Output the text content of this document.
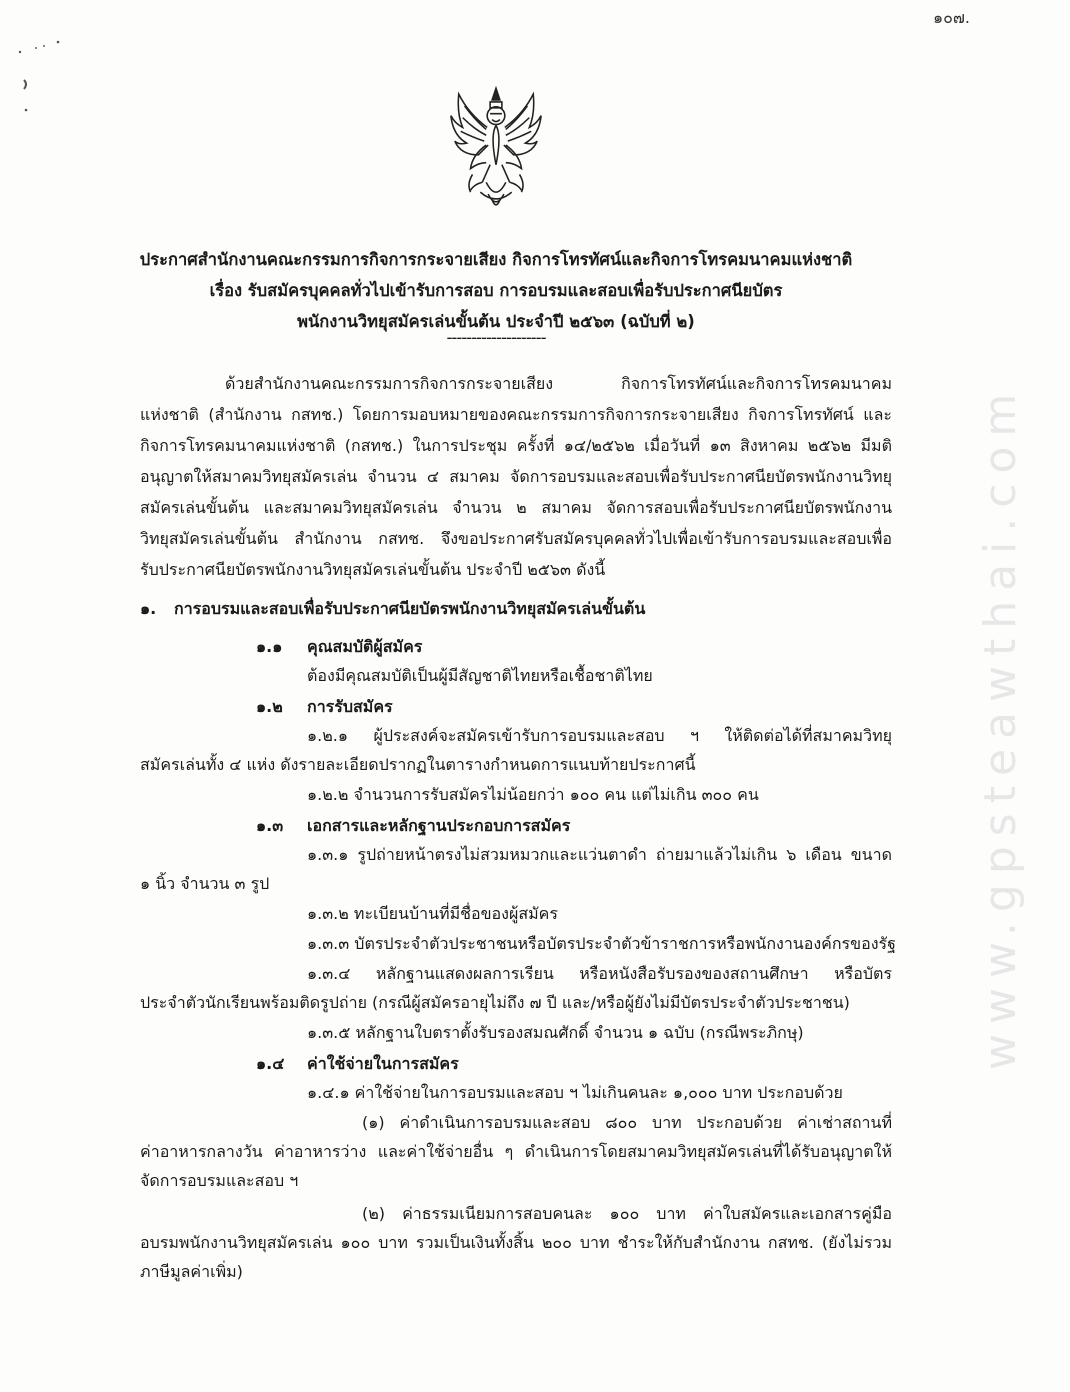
๑๐๗.
www.gpsteawthai.com
ประกาศสำนักงานคณะกรรมการกิจการกระจายเสียง กิจการโทรทัศน์และกิจการโทรคมนาคมแห่งชาติ
เรื่อง รับสมัครบุคคลทั่วไปเข้ารับการสอบ การอบรมและสอบเพื่อรับประกาศนียบัตร
พนักงานวิทยุสมัครเล่นขั้นต้น ประจำปี ๒๕๖๓ (ฉบับที่ ๒)
--------------------
ด้วยสำนักงานคณะกรรมการกิจการกระจายเสียง กิจการโทรทัศน์และกิจการโทรคมนาคม
แห่งชาติ (สำนักงาน กสทช.) โดยการมอบหมายของคณะกรรมการกิจการกระจายเสียง กิจการโทรทัศน์ และ
กิจการโทรคมนาคมแห่งชาติ (กสทช.) ในการประชุม ครั้งที่ ๑๔/๒๕๖๒ เมื่อวันที่ ๑๓ สิงหาคม ๒๕๖๒ มีมติ
อนุญาตให้สมาคมวิทยุสมัครเล่น จำนวน ๔ สมาคม จัดการอบรมและสอบเพื่อรับประกาศนียบัตรพนักงานวิทยุ
สมัครเล่นขั้นต้น และสมาคมวิทยุสมัครเล่น จำนวน ๒ สมาคม จัดการสอบเพื่อรับประกาศนียบัตรพนักงาน
วิทยุสมัครเล่นขั้นต้น สำนักงาน กสทช. จึงขอประกาศรับสมัครบุคคลทั่วไปเพื่อเข้ารับการอบรมและสอบเพื่อ
รับประกาศนียบัตรพนักงานวิทยุสมัครเล่นขั้นต้น ประจำปี ๒๕๖๓ ดังนี้
๑.	การอบรมและสอบเพื่อรับประกาศนียบัตรพนักงานวิทยุสมัครเล่นขั้นต้น
๑.๑	คุณสมบัติผู้สมัคร
ต้องมีคุณสมบัติเป็นผู้มีสัญชาติไทยหรือเชื้อชาติไทย
๑.๒	การรับสมัคร
๑.๒.๑ ผู้ประสงค์จะสมัครเข้ารับการอบรมและสอบ ฯ ให้ติดต่อได้ที่สมาคมวิทยุ
สมัครเล่นทั้ง ๔ แห่ง ดังรายละเอียดปรากฏในตารางกำหนดการแนบท้ายประกาศนี้
๑.๒.๒ จำนวนการรับสมัครไม่น้อยกว่า ๑๐๐ คน แต่ไม่เกิน ๓๐๐ คน
๑.๓	เอกสารและหลักฐานประกอบการสมัคร
๑.๓.๑ รูปถ่ายหน้าตรงไม่สวมหมวกและแว่นตาดำ ถ่ายมาแล้วไม่เกิน ๖ เดือน ขนาด
๑ นิ้ว จำนวน ๓ รูป
๑.๓.๒ ทะเบียนบ้านที่มีชื่อของผู้สมัคร
๑.๓.๓ บัตรประจำตัวประชาชนหรือบัตรประจำตัวข้าราชการหรือพนักงานองค์กรของรัฐ
๑.๓.๔ หลักฐานแสดงผลการเรียน หรือหนังสือรับรองของสถานศึกษา หรือบัตร
ประจำตัวนักเรียนพร้อมติดรูปถ่าย (กรณีผู้สมัครอายุไม่ถึง ๗ ปี และ/หรือผู้ยังไม่มีบัตรประจำตัวประชาชน)
๑.๓.๕ หลักฐานใบตราตั้งรับรองสมณศักดิ์ จำนวน ๑ ฉบับ (กรณีพระภิกษุ)
๑.๔	ค่าใช้จ่ายในการสมัคร
๑.๔.๑ ค่าใช้จ่ายในการอบรมและสอบ ฯ ไม่เกินคนละ ๑,๐๐๐ บาท ประกอบด้วย
(๑) ค่าดำเนินการอบรมและสอบ ๘๐๐ บาท ประกอบด้วย ค่าเช่าสถานที่
ค่าอาหารกลางวัน ค่าอาหารว่าง และค่าใช้จ่ายอื่น ๆ ดำเนินการโดยสมาคมวิทยุสมัครเล่นที่ได้รับอนุญาตให้
จัดการอบรมและสอบ ฯ
(๒) ค่าธรรมเนียมการสอบคนละ ๑๐๐ บาท ค่าใบสมัครและเอกสารคู่มือ
อบรมพนักงานวิทยุสมัครเล่น ๑๐๐ บาท รวมเป็นเงินทั้งสิ้น ๒๐๐ บาท ชำระให้กับสำนักงาน กสทช. (ยังไม่รวม
ภาษีมูลค่าเพิ่ม)
